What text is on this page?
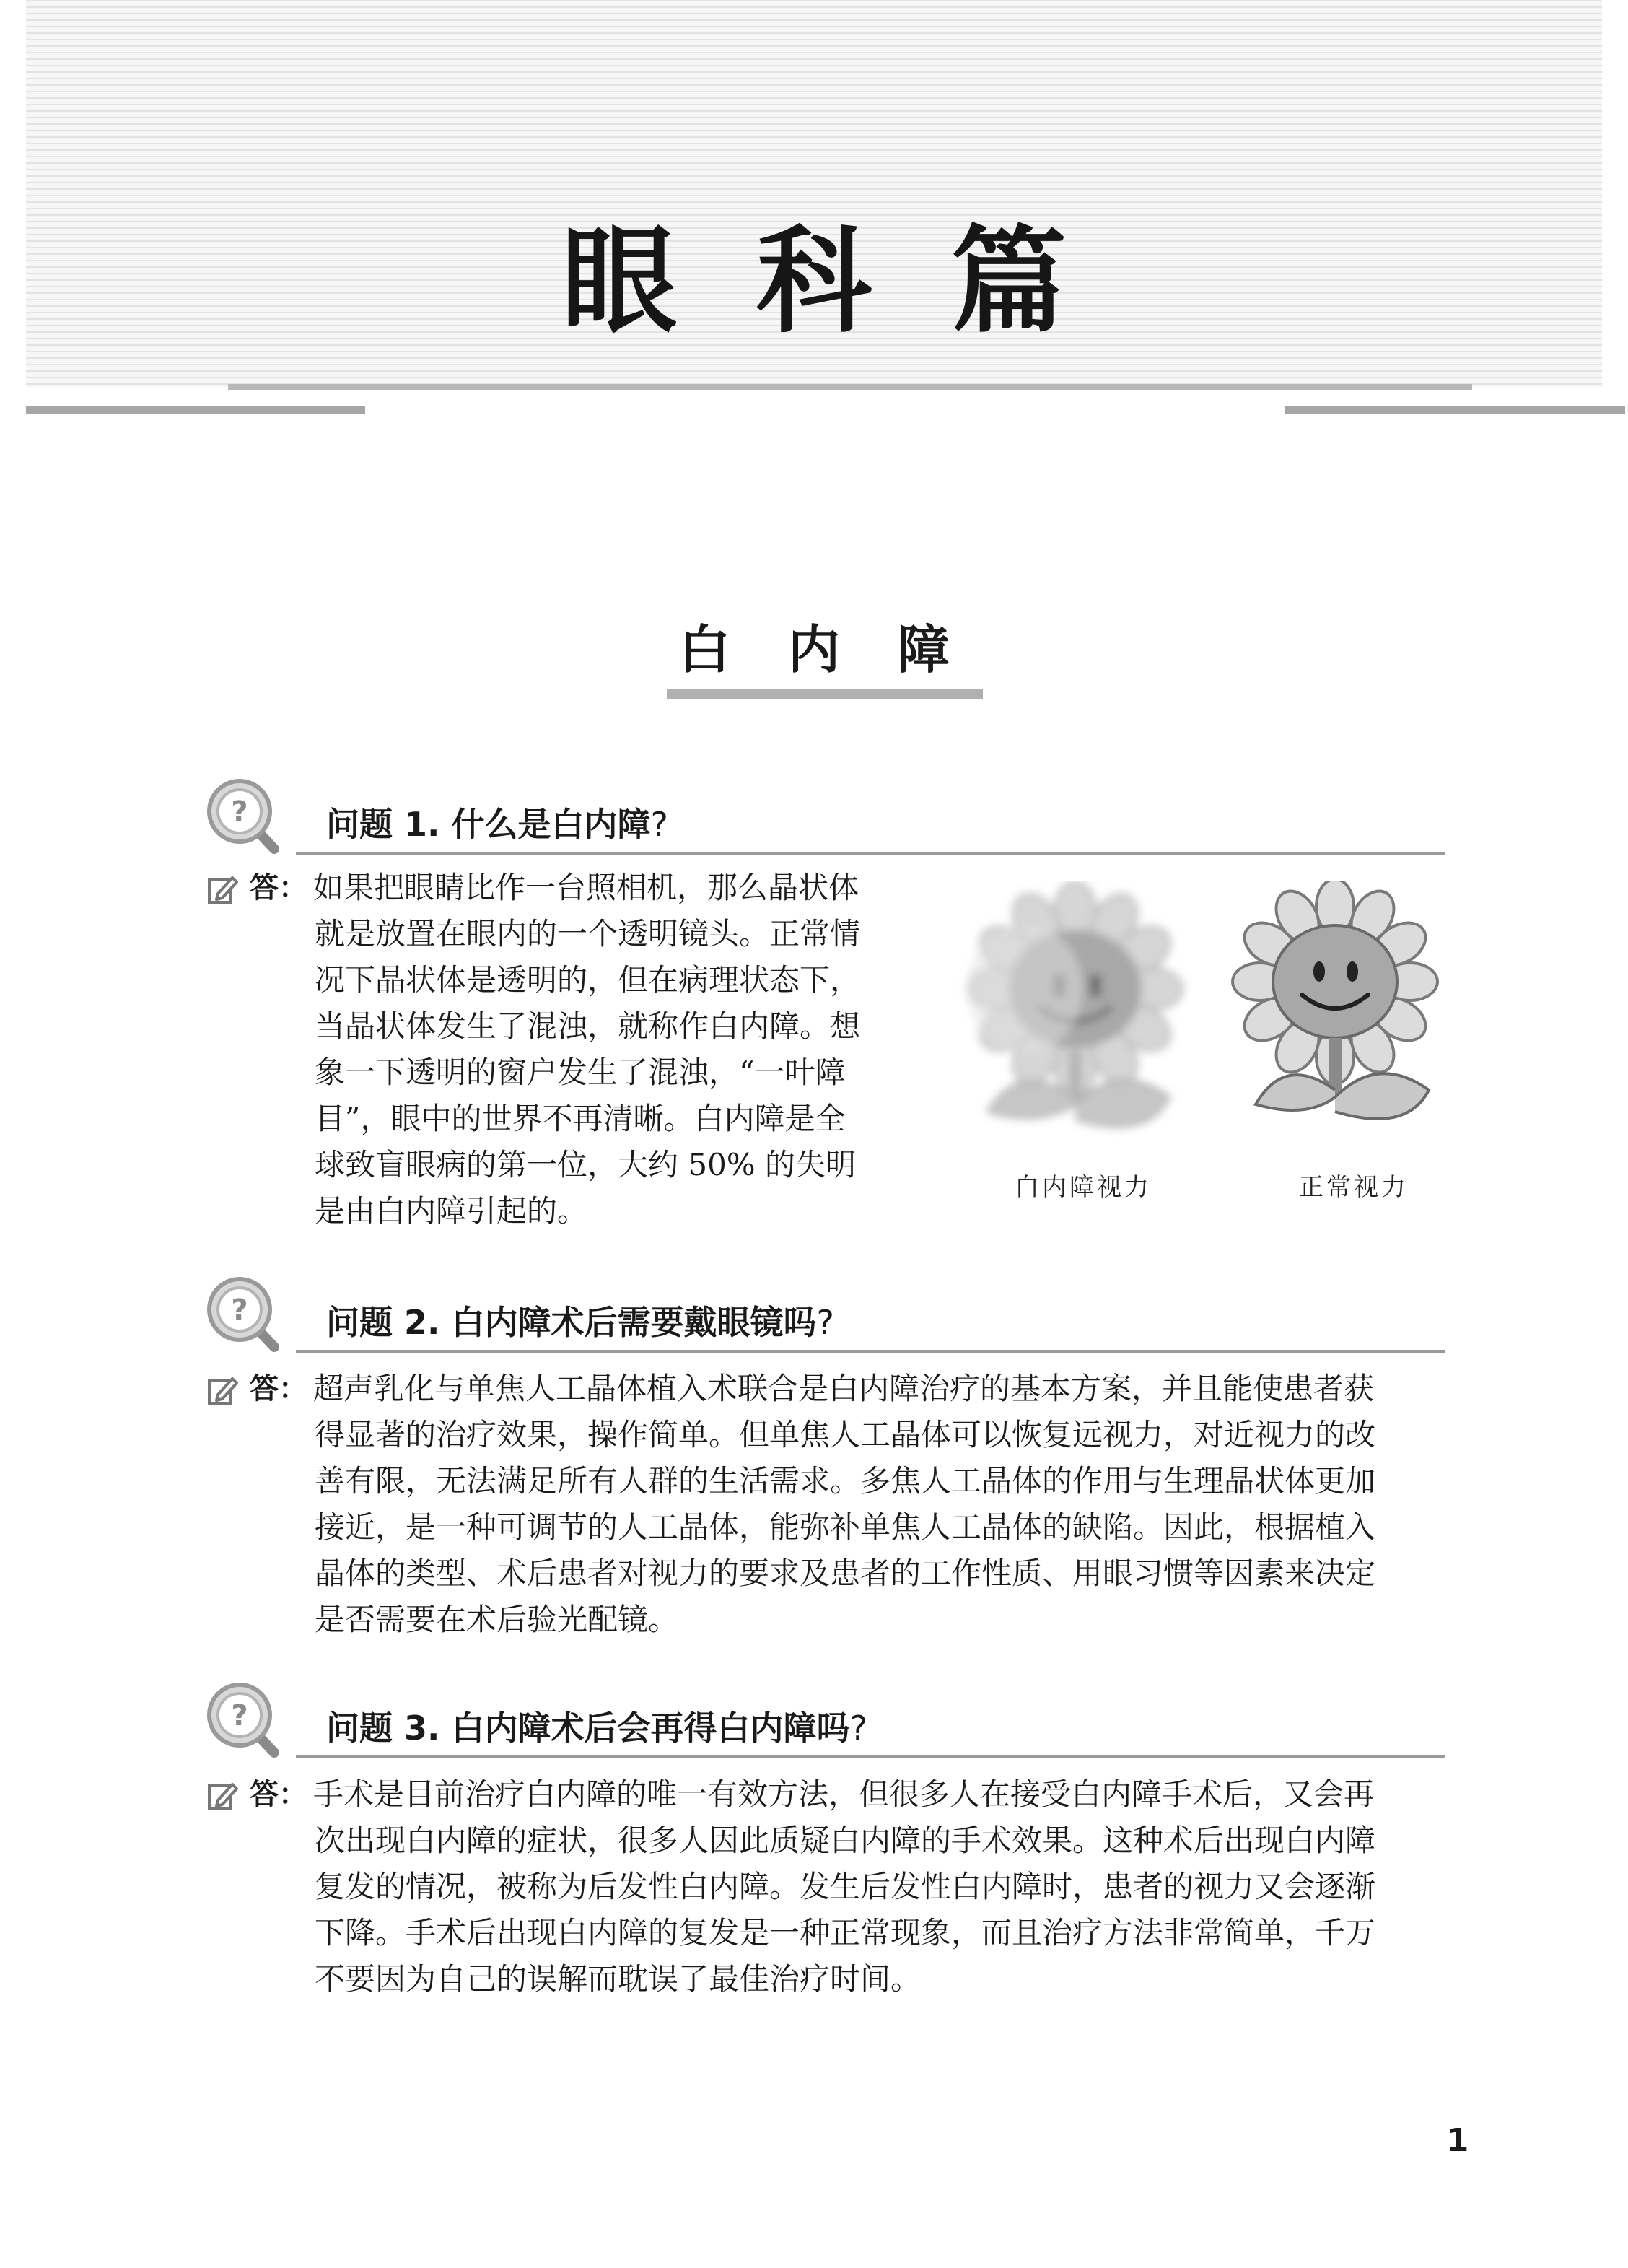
眼科篇
白内障
问题 1. 什么是白内障?
答： 如果把眼睛比作一台照相机，那么晶状体
就是放置在眼内的一个透明镜头。正常情
况下晶状体是透明的，但在病理状态下，
当晶状体发生了混浊，就称作白内障。想
象一下透明的窗户发生了混浊，“一叶障
目”，眼中的世界不再清晰。白内障是全
球致盲眼病的第一位，大约 50% 的失明
是由白内障引起的。
白内障视力	正常视力
问题 2. 白内障术后需要戴眼镜吗?
答： 超声乳化与单焦人工晶体植入术联合是白内障治疗的基本方案，并且能使患者获
得显著的治疗效果，操作简单。但单焦人工晶体可以恢复远视力，对近视力的改
善有限，无法满足所有人群的生活需求。多焦人工晶体的作用与生理晶状体更加
接近，是一种可调节的人工晶体，能弥补单焦人工晶体的缺陷。因此，根据植入
晶体的类型、术后患者对视力的要求及患者的工作性质、用眼习惯等因素来决定
是否需要在术后验光配镜。
问题 3. 白内障术后会再得白内障吗?
答： 手术是目前治疗白内障的唯一有效方法，但很多人在接受白内障手术后，又会再
次出现白内障的症状，很多人因此质疑白内障的手术效果。这种术后出现白内障
复发的情况，被称为后发性白内障。发生后发性白内障时，患者的视力又会逐渐
下降。手术后出现白内障的复发是一种正常现象，而且治疗方法非常简单，千万
不要因为自己的误解而耽误了最佳治疗时间。
1
